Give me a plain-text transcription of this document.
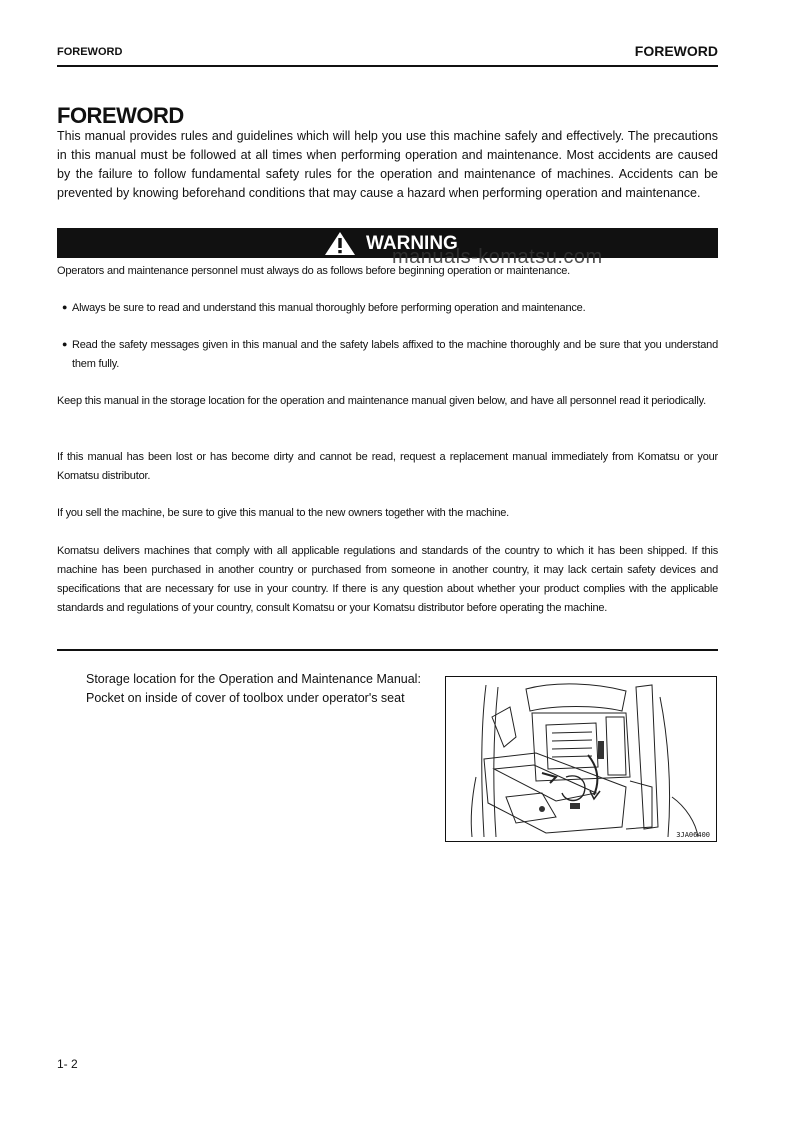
FOREWORD	FOREWORD
FOREWORD
This manual provides rules and guidelines which will help you use this machine safely and effectively. The precautions in this manual must be followed at all times when performing operation and maintenance. Most accidents are caused by the failure to follow fundamental safety rules for the operation and maintenance of machines. Accidents can be prevented by knowing beforehand conditions that may cause a hazard when performing operation and maintenance.
WARNING
manuals-komatsu.com
Operators and maintenance personnel must always do as follows before beginning operation or maintenance.
● Always be sure to read and understand this manual thoroughly before performing operation and maintenance.
● Read the safety messages given in this manual and the safety labels affixed to the machine thoroughly and be sure that you understand them fully.
Keep this manual in the storage location for the operation and maintenance manual given below, and have all personnel read it periodically.
If this manual has been lost or has become dirty and cannot be read, request a replacement manual immediately from Komatsu or your Komatsu distributor.
If you sell the machine, be sure to give this manual to the new owners together with the machine.
Komatsu delivers machines that comply with all applicable regulations and standards of the country to which it has been shipped. If this machine has been purchased in another country or purchased from someone in another country, it may lack certain safety devices and specifications that are necessary for use in your country. If there is any question about whether your product complies with the applicable standards and regulations of your country, consult Komatsu or your Komatsu distributor before operating the machine.
Storage location for the Operation and Maintenance Manual:
Pocket on inside of cover of toolbox under operator's seat
3JA06400
1- 2
